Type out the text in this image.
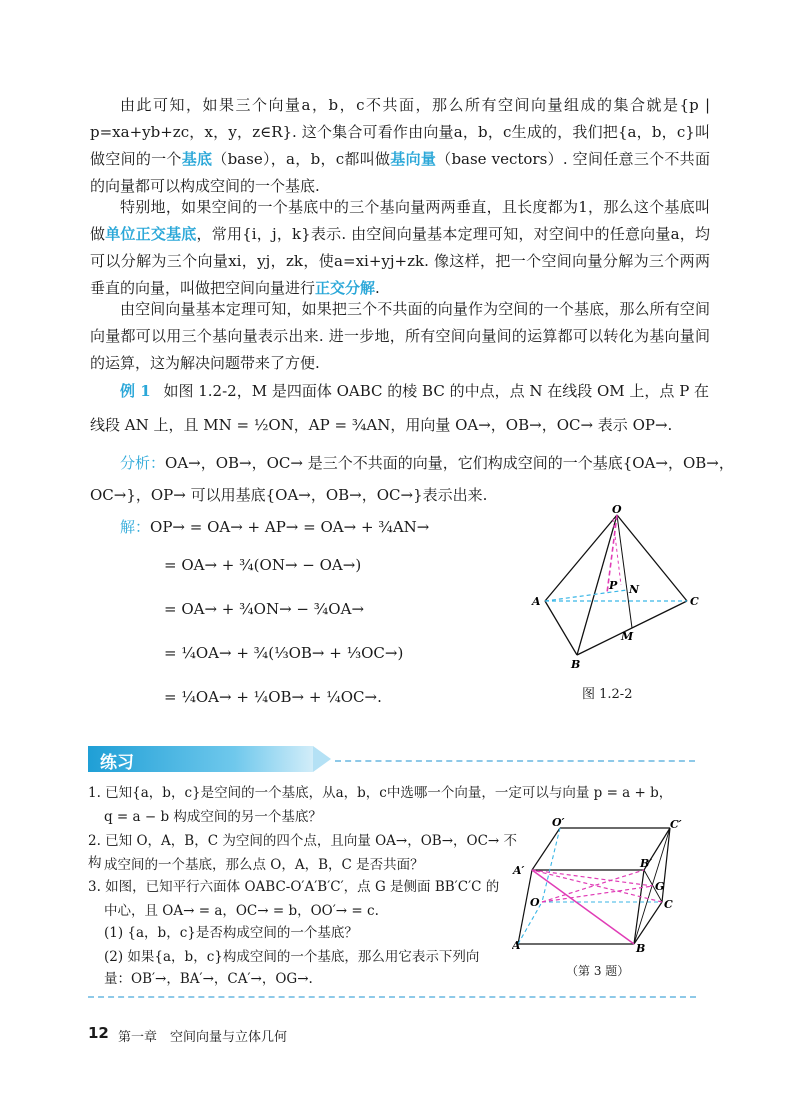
由此可知，如果三个向量a，b，c不共面，那么所有空间向量组成的集合就是{p | p=xa+yb+zc，x，y，z∈R}. 这个集合可看作由向量a，b，c生成的，我们把{a，b，c}叫做空间的一个基底（base），a，b，c都叫做基向量（base vectors）. 空间任意三个不共面的向量都可以构成空间的一个基底.

特别地，如果空间的一个基底中的三个基向量两两垂直，且长度都为1，那么这个基底叫做单位正交基底，常用{i，j，k}表示. 由空间向量基本定理可知，对空间中的任意向量a，均可以分解为三个向量xi，yj，zk，使a=xi+yj+zk. 像这样，把一个空间向量分解为三个两两垂直的向量，叫做把空间向量进行正交分解.

由空间向量基本定理可知，如果把三个不共面的向量作为空间的一个基底，那么所有空间向量都可以用三个基向量表示出来. 进一步地，所有空间向量间的运算都可以转化为基向量间的运算，这为解决问题带来了方便.

例 1 如图 1.2-2，M 是四面体 OABC 的棱 BC 的中点，点 N 在线段 OM 上，点 P 在
线段 AN 上，且 MN = ½ON，AP = ¾AN，用向量 OA→，OB→，OC→ 表示 OP→.
分析：OA→，OB→，OC→ 是三个不共面的向量，它们构成空间的一个基底{OA→，OB→，
OC→}，OP→ 可以用基底{OA→，OB→，OC→}表示出来.
解：OP→ = OA→ + AP→ = OA→ + ¾AN→
= OA→ + ¾(ON→ − OA→)
= OA→ + ¾ON→ − ¾OA→
= ¼OA→ + ¾(⅓OB→ + ⅓OC→)
= ¼OA→ + ¼OB→ + ¼OC→.
O
A	C
B
M
N
P
图 1.2-2
练习
1. 已知{a，b，c}是空间的一个基底，从a，b，c中选哪一个向量，一定可以与向量 p = a + b，
q = a − b 构成空间的另一个基底？
2. 已知 O，A，B，C 为空间的四个点，且向量 OA→，OB→，OC→ 不构 成空间的一个基底，那么点 O，A，B，C 是否共面？
3. 如图，已知平行六面体 OABC-O′A′B′C′，点 G 是侧面 BB′C′C 的
中心，且 OA→ = a，OC→ = b，OO′→ = c.
(1) {a，b，c}是否构成空间的一个基底？
(2) 如果{a，b，c}构成空间的一个基底，那么用它表示下列向
量：OB′→，BA′→，CA′→，OG→.
O′	C′
A′
B′
G
O	C
A	B
（第 3 题）
12 第一章　空间向量与立体几何
